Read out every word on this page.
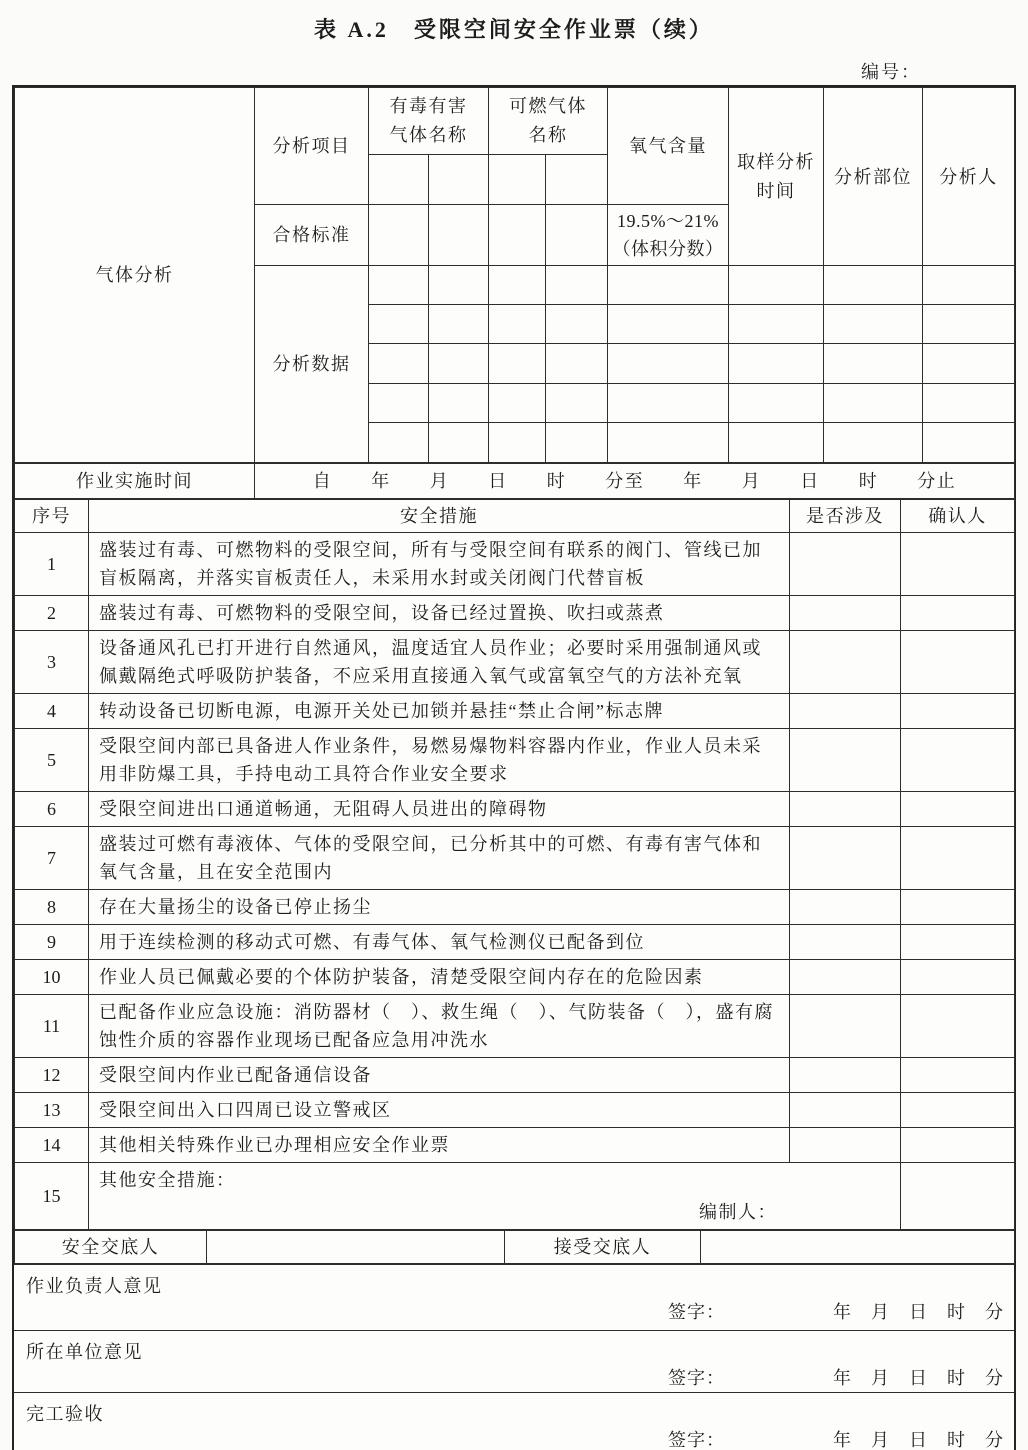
表 A.2　受限空间安全作业票（续）
编号：
气体分析	分析项目	有毒有害气体名称		可燃气体名称		氧气含量	取样分析时间	分析部位	分析人

	合格标准					19.5%～21%（体积分数）			
	分析数据								

作业实施时间	自　　年　　月　　日　　时　　分至　　年　　月　　日　　时　　分止
序号	安全措施	是否涉及	确认人
1	盛装过有毒、可燃物料的受限空间，所有与受限空间有联系的阀门、管线已加盲板隔离，并落实盲板责任人，未采用水封或关闭阀门代替盲板		
2	盛装过有毒、可燃物料的受限空间，设备已经过置换、吹扫或蒸煮		
3	设备通风孔已打开进行自然通风，温度适宜人员作业；必要时采用强制通风或佩戴隔绝式呼吸防护装备，不应采用直接通入氧气或富氧空气的方法补充氧		
4	转动设备已切断电源，电源开关处已加锁并悬挂“禁止合闸”标志牌		
5	受限空间内部已具备进人作业条件，易燃易爆物料容器内作业，作业人员未采用非防爆工具，手持电动工具符合作业安全要求		
6	受限空间进出口通道畅通，无阻碍人员进出的障碍物		
7	盛装过可燃有毒液体、气体的受限空间，已分析其中的可燃、有毒有害气体和氧气含量，且在安全范围内		
8	存在大量扬尘的设备已停止扬尘		
9	用于连续检测的移动式可燃、有毒气体、氧气检测仪已配备到位		
10	作业人员已佩戴必要的个体防护装备，清楚受限空间内存在的危险因素		
11	已配备作业应急设施：消防器材（　）、救生绳（　）、气防装备（　），盛有腐蚀性介质的容器作业现场已配备应急用冲洗水		
12	受限空间内作业已配备通信设备		
13	受限空间出入口四周已设立警戒区		
14	其他相关特殊作业已办理相应安全作业票		
15	其他安全措施：
编制人：		

安全交底人		接受交底人	
作业负责人意见
签字：	年　月　日　时　分
所在单位意见
签字：	年　月　日　时　分
完工验收
签字：	年　月　日　时　分
